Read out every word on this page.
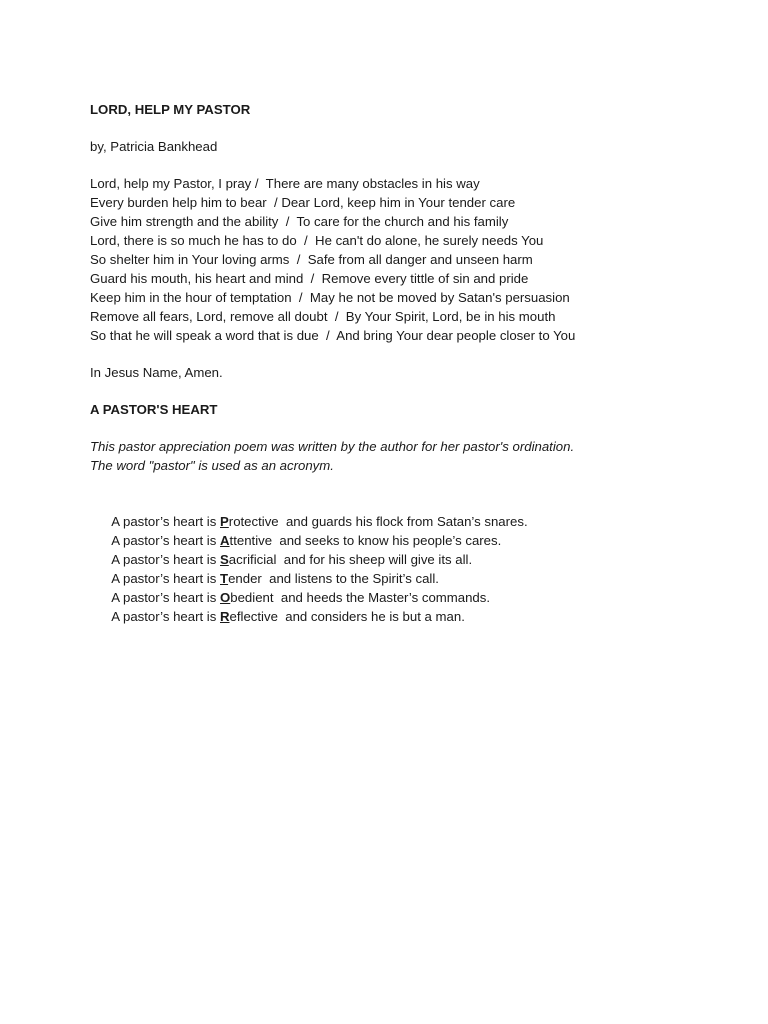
LORD, HELP MY PASTOR
by, Patricia Bankhead
Lord, help my Pastor, I pray /  There are many obstacles in his way
Every burden help him to bear  / Dear Lord, keep him in Your tender care
Give him strength and the ability  /  To care for the church and his family
Lord, there is so much he has to do  /  He can't do alone, he surely needs You
So shelter him in Your loving arms  /  Safe from all danger and unseen harm
Guard his mouth, his heart and mind  /  Remove every tittle of sin and pride
Keep him in the hour of temptation  /  May he not be moved by Satan's persuasion
Remove all fears, Lord, remove all doubt  /  By Your Spirit, Lord, be in his mouth
So that he will speak a word that is due  /  And bring Your dear people closer to You
In Jesus Name, Amen.
A PASTOR'S HEART
This pastor appreciation poem was written by the author for her pastor's ordination.
The word "pastor" is used as an acronym.

A pastor’s heart is Protective  and guards his flock from Satan’s snares.

A pastor’s heart is Attentive  and seeks to know his people’s cares.

A pastor’s heart is Sacrificial  and for his sheep will give its all.

A pastor’s heart is Tender  and listens to the Spirit’s call.

A pastor’s heart is Obedient  and heeds the Master’s commands.

A pastor’s heart is Reflective  and considers he is but a man.
